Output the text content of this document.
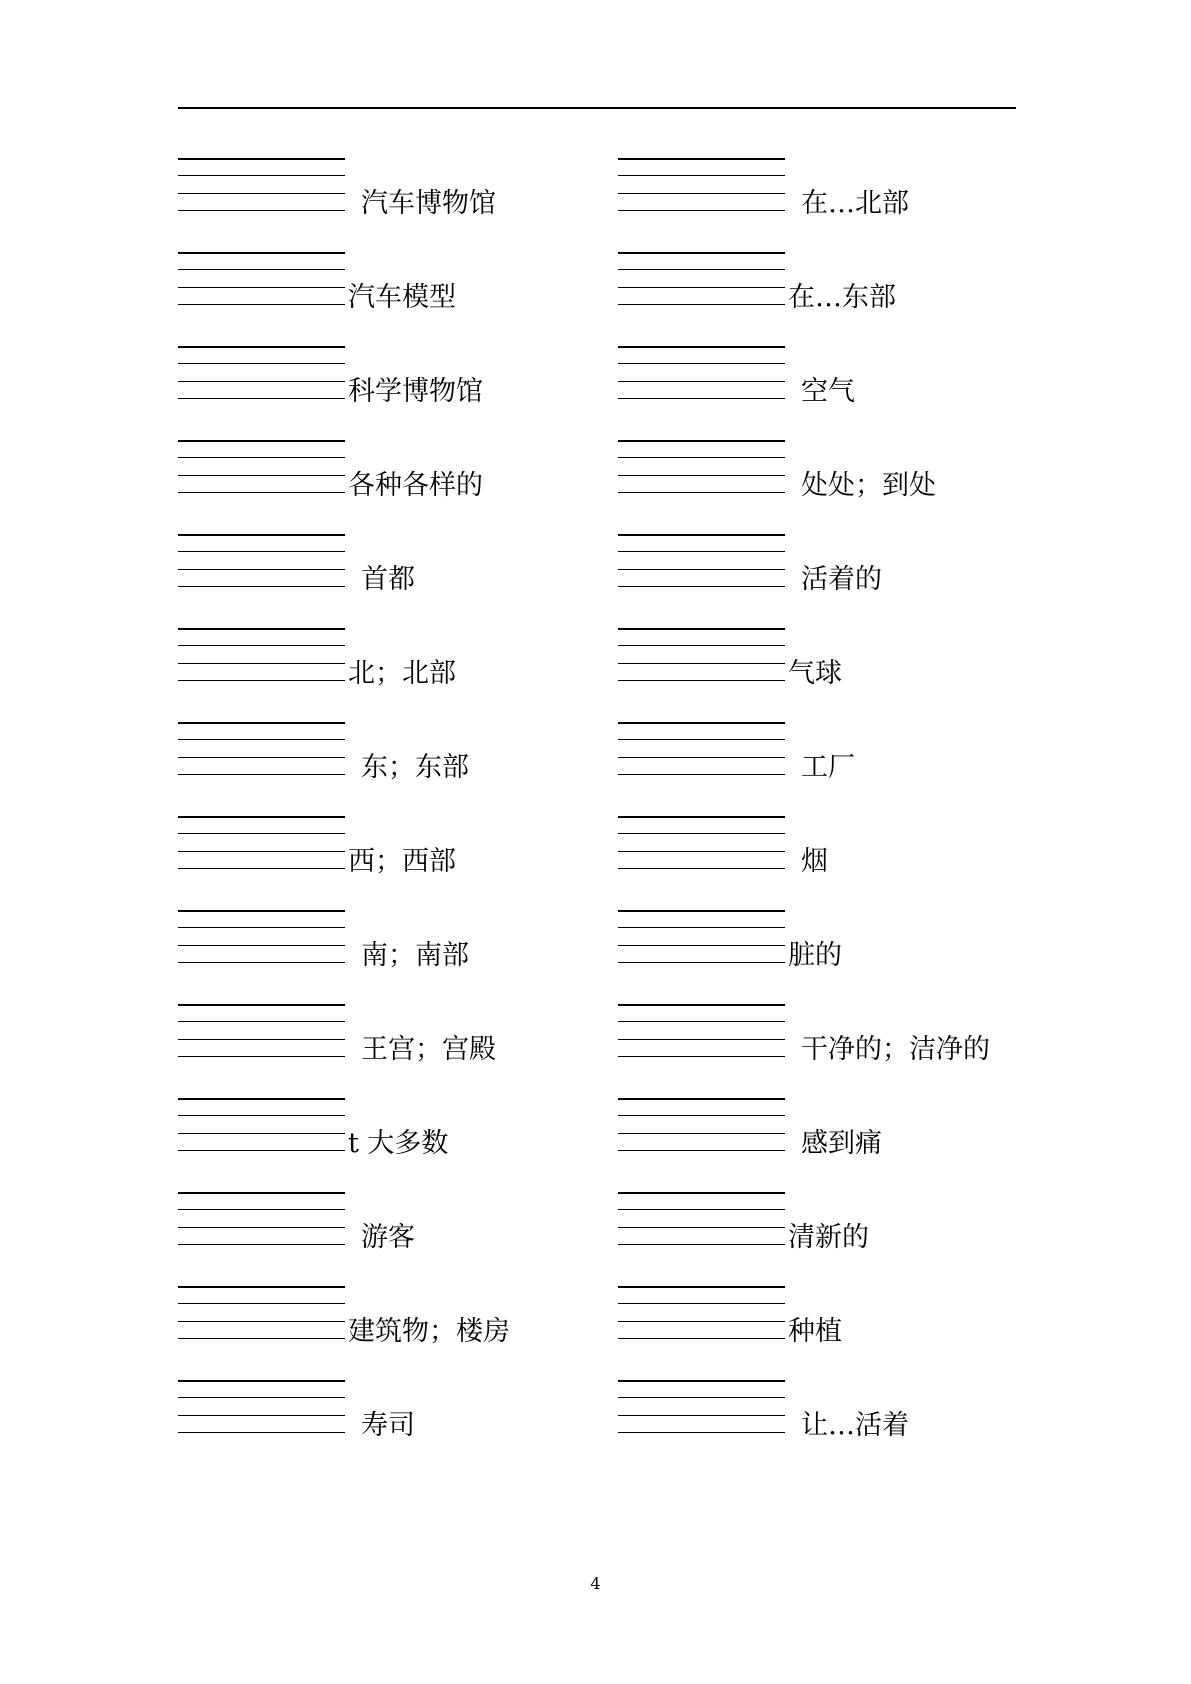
汽车博物馆
汽车模型
科学博物馆
各种各样的
首都
北；北部
东；东部
西；西部
南；南部
王宫；宫殿
t 大多数
游客
建筑物；楼房
寿司
在…北部
在…东部
空气
处处；到处
活着的
气球
工厂
烟
脏的
干净的；洁净的
感到痛
清新的
种植
让…活着
4
